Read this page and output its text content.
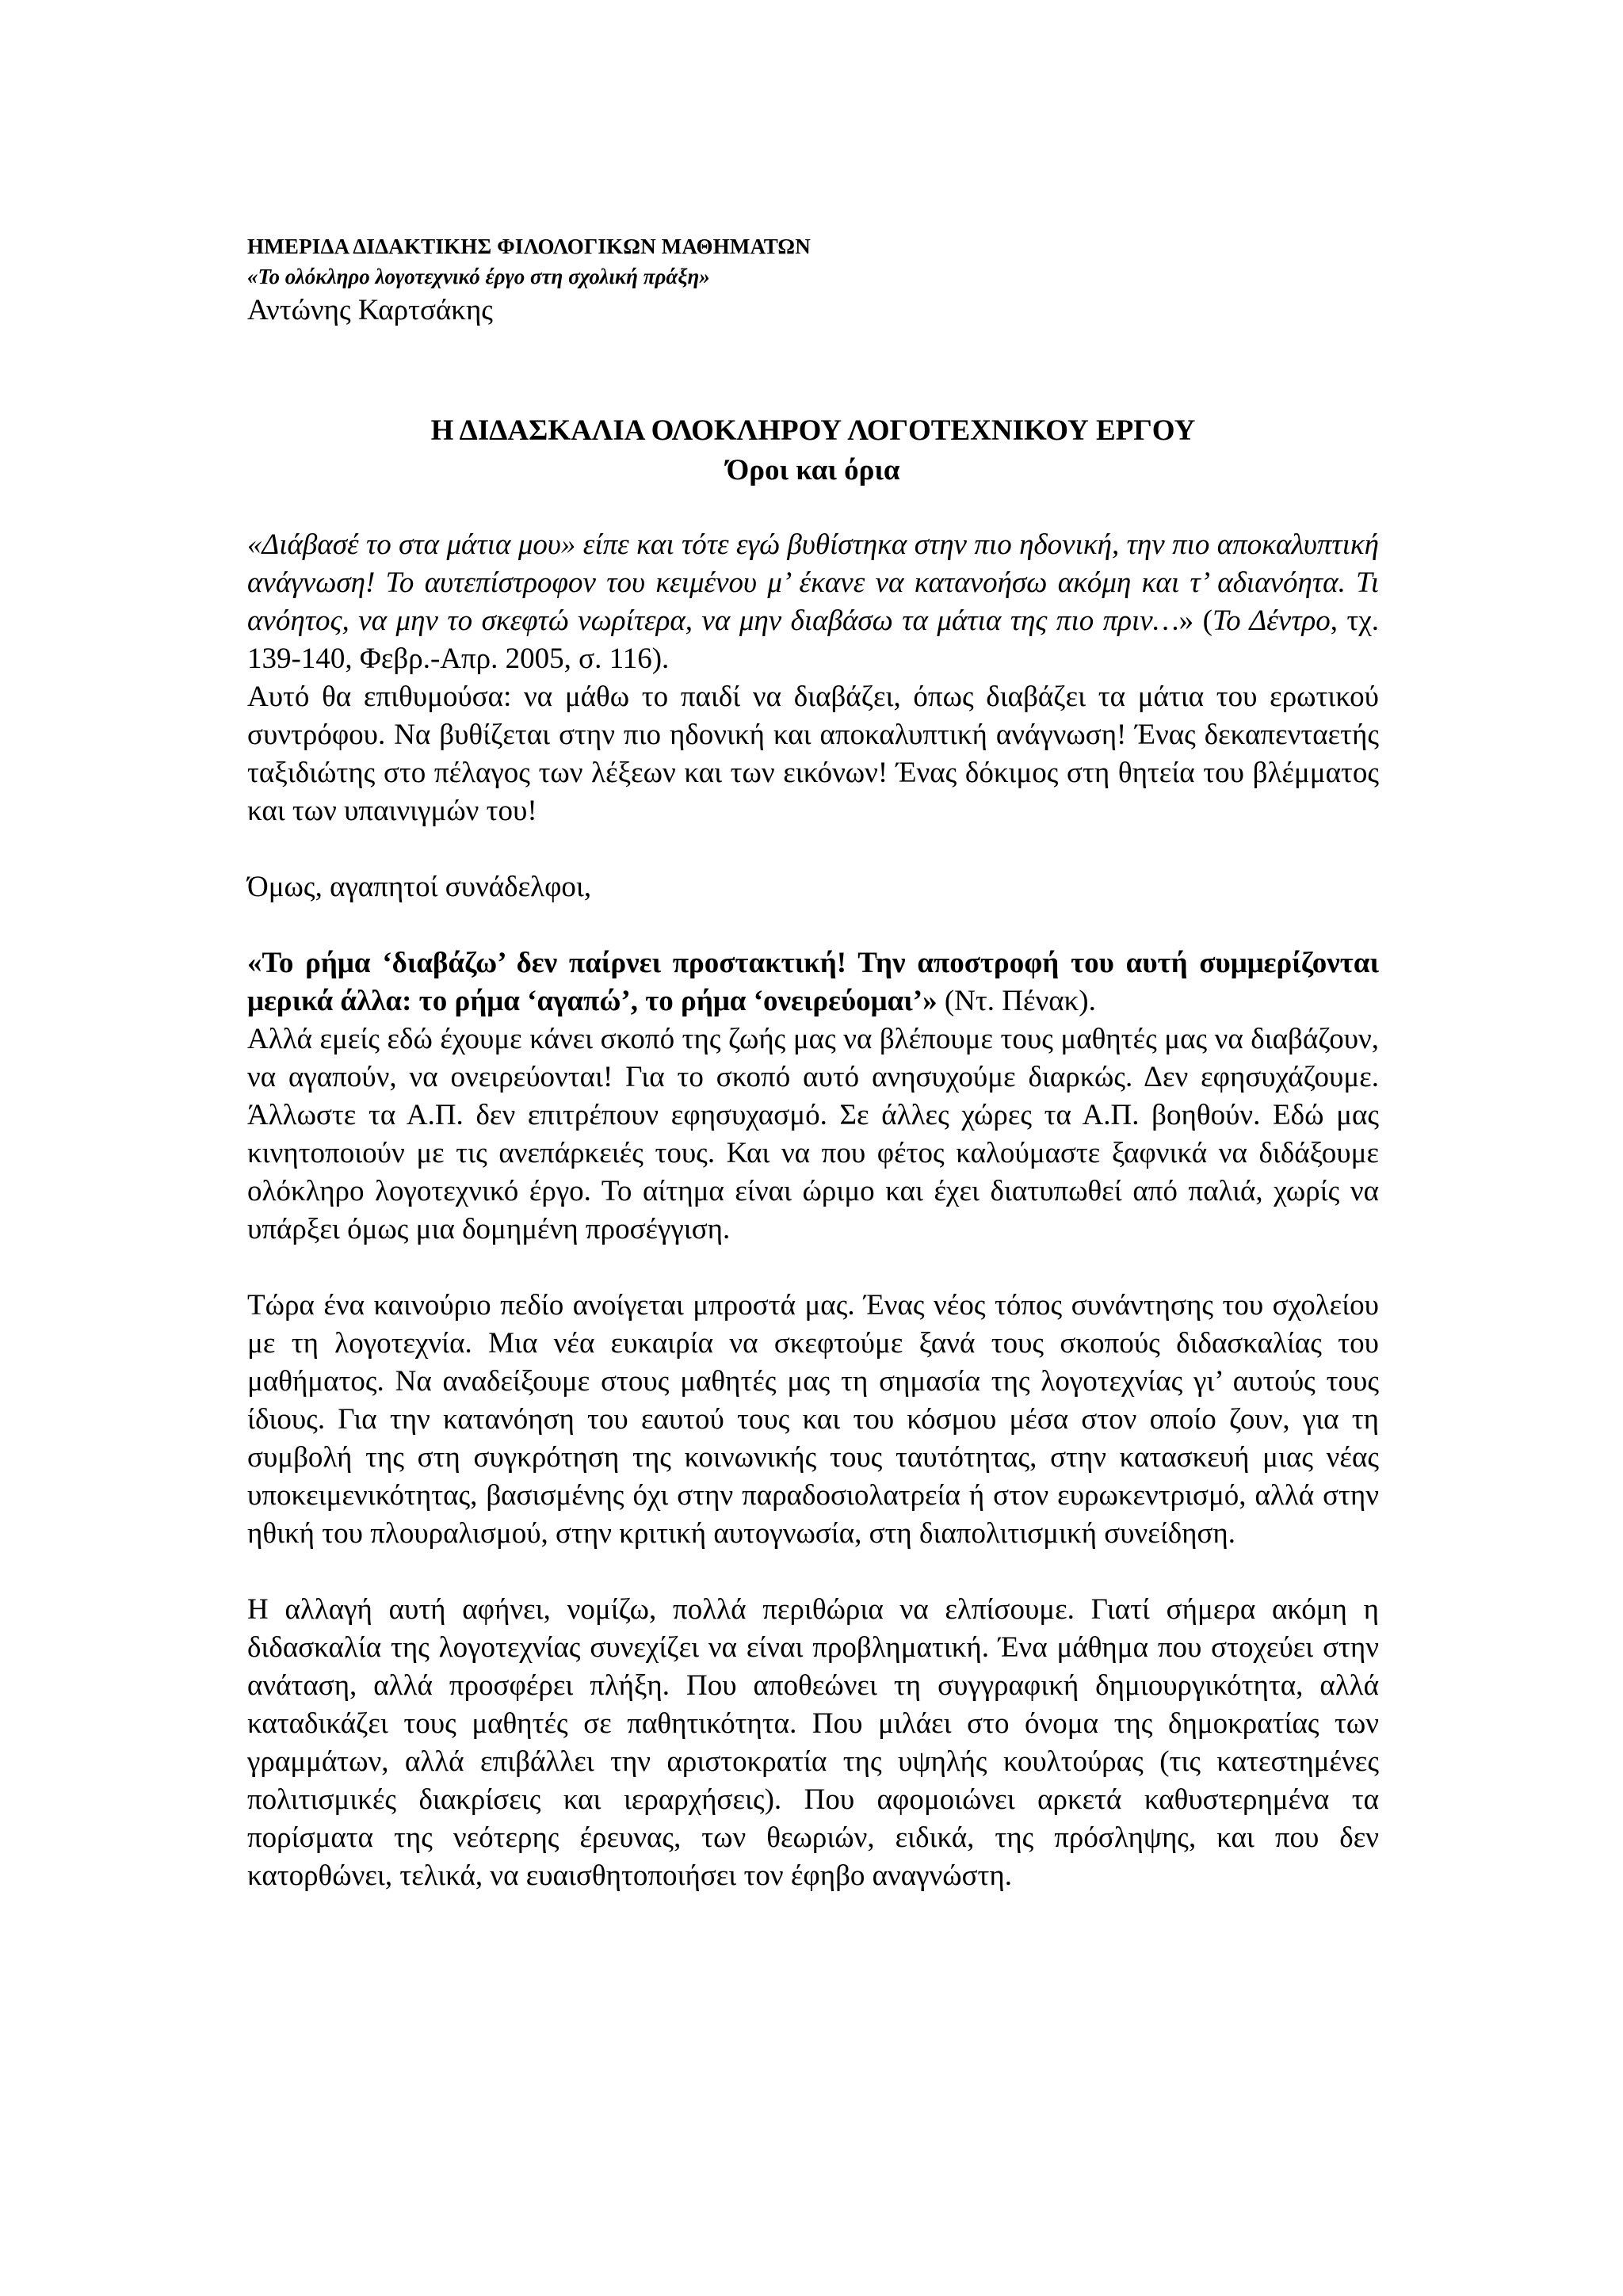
ΗΜΕΡΙΔΑ ΔΙΔΑΚΤΙΚΗΣ ΦΙΛΟΛΟΓΙΚΩΝ ΜΑΘΗΜΑΤΩΝ
«Το ολόκληρο λογοτεχνικό έργο στη σχολική πράξη»
Αντώνης Καρτσάκης
Η ΔΙΔΑΣΚΑΛΙΑ ΟΛΟΚΛΗΡΟΥ ΛΟΓΟΤΕΧΝΙΚΟΥ ΕΡΓΟΥ
Όροι και όρια

«Διάβασέ το στα μάτια μου» είπε και τότε εγώ βυθίστηκα στην πιο ηδονική, την πιο αποκαλυπτική ανάγνωση! Το αυτεπίστροφον του κειμένου μ’ έκανε να κατανοήσω ακόμη και τ’ αδιανόητα. Τι ανόητος, να μην το σκεφτώ νωρίτερα, να μην διαβάσω τα μάτια της πιο πριν…» (Το Δέντρο, τχ. 139-140, Φεβρ.-Απρ. 2005, σ. 116).

Αυτό θα επιθυμούσα: να μάθω το παιδί να διαβάζει, όπως διαβάζει τα μάτια του ερωτικού συντρόφου. Να βυθίζεται στην πιο ηδονική και αποκαλυπτική ανάγνωση! Ένας δεκαπενταετής ταξιδιώτης στο πέλαγος των λέξεων και των εικόνων! Ένας δόκιμος στη θητεία του βλέμματος και των υπαινιγμών του!

Όμως, αγαπητοί συνάδελφοι,

«Το ρήμα ‘διαβάζω’ δεν παίρνει προστακτική! Την αποστροφή του αυτή συμμερίζονται μερικά άλλα: το ρήμα ‘αγαπώ’, το ρήμα ‘ονειρεύομαι’» (Ντ. Πένακ).

Αλλά εμείς εδώ έχουμε κάνει σκοπό της ζωής μας να βλέπουμε τους μαθητές μας να διαβάζουν, να αγαπούν, να ονειρεύονται! Για το σκοπό αυτό ανησυχούμε διαρκώς. Δεν εφησυχάζουμε. Άλλωστε τα Α.Π. δεν επιτρέπουν εφησυχασμό. Σε άλλες χώρες τα Α.Π. βοηθούν. Εδώ μας κινητοποιούν με τις ανεπάρκειές τους. Και να που φέτος καλούμαστε ξαφνικά να διδάξουμε ολόκληρο λογοτεχνικό έργο. Το αίτημα είναι ώριμο και έχει διατυπωθεί από παλιά, χωρίς να υπάρξει όμως μια δομημένη προσέγγιση.

Τώρα ένα καινούριο πεδίο ανοίγεται μπροστά μας. Ένας νέος τόπος συνάντησης του σχολείου με τη λογοτεχνία. Μια νέα ευκαιρία να σκεφτούμε ξανά τους σκοπούς διδασκαλίας του μαθήματος. Να αναδείξουμε στους μαθητές μας τη σημασία της λογοτεχνίας γι’ αυτούς τους ίδιους. Για την κατανόηση του εαυτού τους και του κόσμου μέσα στον οποίο ζουν, για τη συμβολή της στη συγκρότηση της κοινωνικής τους ταυτότητας, στην κατασκευή μιας νέας υποκειμενικότητας, βασισμένης όχι στην παραδοσιολατρεία ή στον ευρωκεντρισμό, αλλά στην ηθική του πλουραλισμού, στην κριτική αυτογνωσία, στη διαπολιτισμική συνείδηση.

Η αλλαγή αυτή αφήνει, νομίζω, πολλά περιθώρια να ελπίσουμε. Γιατί σήμερα ακόμη η διδασκαλία της λογοτεχνίας συνεχίζει να είναι προβληματική. Ένα μάθημα που στοχεύει στην ανάταση, αλλά προσφέρει πλήξη. Που αποθεώνει τη συγγραφική δημιουργικότητα, αλλά καταδικάζει τους μαθητές σε παθητικότητα. Που μιλάει στο όνομα της δημοκρατίας των γραμμάτων, αλλά επιβάλλει την αριστοκρατία της υψηλής κουλτούρας (τις κατεστημένες πολιτισμικές διακρίσεις και ιεραρχήσεις). Που αφομοιώνει αρκετά καθυστερημένα τα πορίσματα της νεότερης έρευνας, των θεωριών, ειδικά, της πρόσληψης, και που δεν κατορθώνει, τελικά, να ευαισθητοποιήσει τον έφηβο αναγνώστη.
